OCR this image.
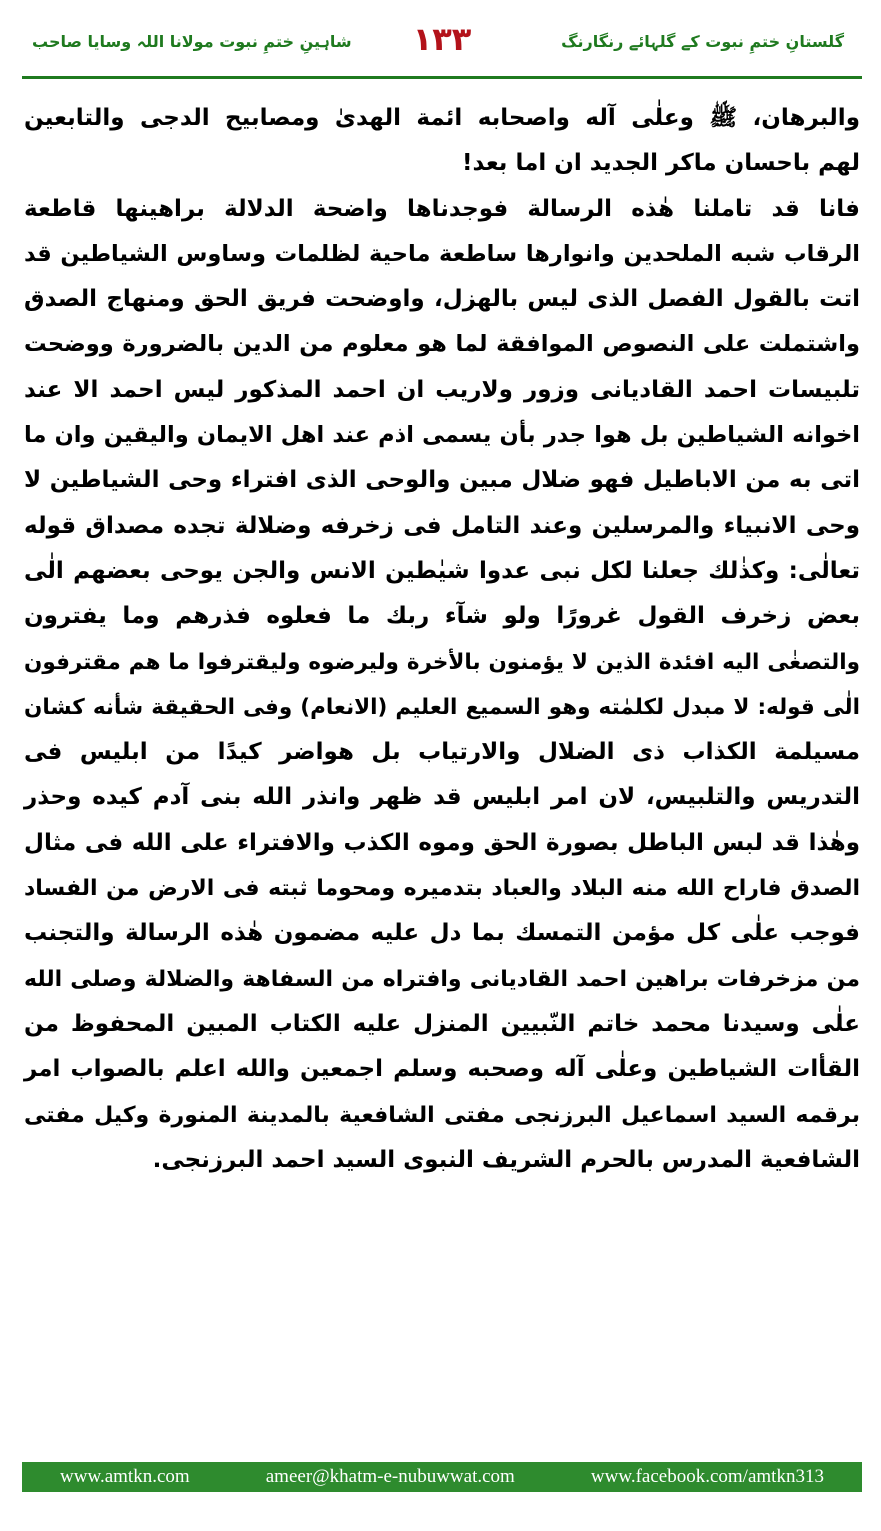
شاہینِ ختمِ نبوت مولانا اللہ وسایا صاحب	۱۳۳	گلستانِ ختمِ نبوت کے گلہائے رنگارنگ
والبرهان، ﷺ وعلٰى آله واصحابه ائمة الهدىٰ ومصابيح الدجى والتابعين
لهم باحسان ماكر الجديد ان اما بعد!
فانا قد تاملنا هٰذه الرسالة فوجدناها واضحة الدلالة براهينها قاطعة
الرقاب شبه الملحدين وانوارها ساطعة ماحية لظلمات وساوس الشياطين قد
اتت بالقول الفصل الذى ليس بالهزل، واوضحت فريق الحق ومنهاج الصدق
واشتملت على النصوص الموافقة لما هو معلوم من الدين بالضرورة ووضحت
تلبيسات احمد القاديانى وزور ولاريب ان احمد المذكور ليس احمد الا عند
اخوانه الشياطين بل هوا جدر بأن يسمى اذم عند اهل الايمان واليقين وان ما
اتى به من الاباطيل فهو ضلال مبين والوحى الذى افتراء وحى الشياطين لا
وحى الانبياء والمرسلين وعند التامل فى زخرفه وضلالة تجده مصداق قوله
تعالٰى: وكذٰلك جعلنا لكل نبى عدوا شيٰطين الانس والجن يوحى بعضهم الٰى
بعض زخرف القول غرورًا ولو شآء ربك ما فعلوه فذرهم وما يفترون
والتصغٰى اليه افئدة الذين لا يؤمنون بالأخرة وليرضوه وليقترفوا ما هم مقترفون
الٰى قوله: لا مبدل لكلمٰته وهو السميع العليم (الانعام) وفى الحقيقة شأنه كشان
مسيلمة الكذاب ذى الضلال والارتياب بل هواضر كيدًا من ابليس فى
التدريس والتلبيس، لان امر ابليس قد ظهر وانذر الله بنى آدم كيده وحذر
وهٰذا قد لبس الباطل بصورة الحق وموه الكذب والافتراء على الله فى مثال
الصدق فاراح الله منه البلاد والعباد بتدميره ومحوما ثبته فى الارض من الفساد
فوجب علٰى كل مؤمن التمسك بما دل عليه مضمون هٰذه الرسالة والتجنب
من مزخرفات براهين احمد القاديانى وافتراه من السفاهة والضلالة وصلى الله
علٰى وسيدنا محمد خاتم النّبيين المنزل عليه الكتاب المبين المحفوظ من
القأات الشياطين وعلٰى آله وصحبه وسلم اجمعين والله اعلم بالصواب امر
برقمه السيد اسماعيل البرزنجى مفتى الشافعية بالمدينة المنورة وكيل مفتى
الشافعية المدرس بالحرم الشريف النبوى السيد احمد البرزنجى.
www.amtkn.com	ameer@khatm-e-nubuwwat.com	www.facebook.com/amtkn313
